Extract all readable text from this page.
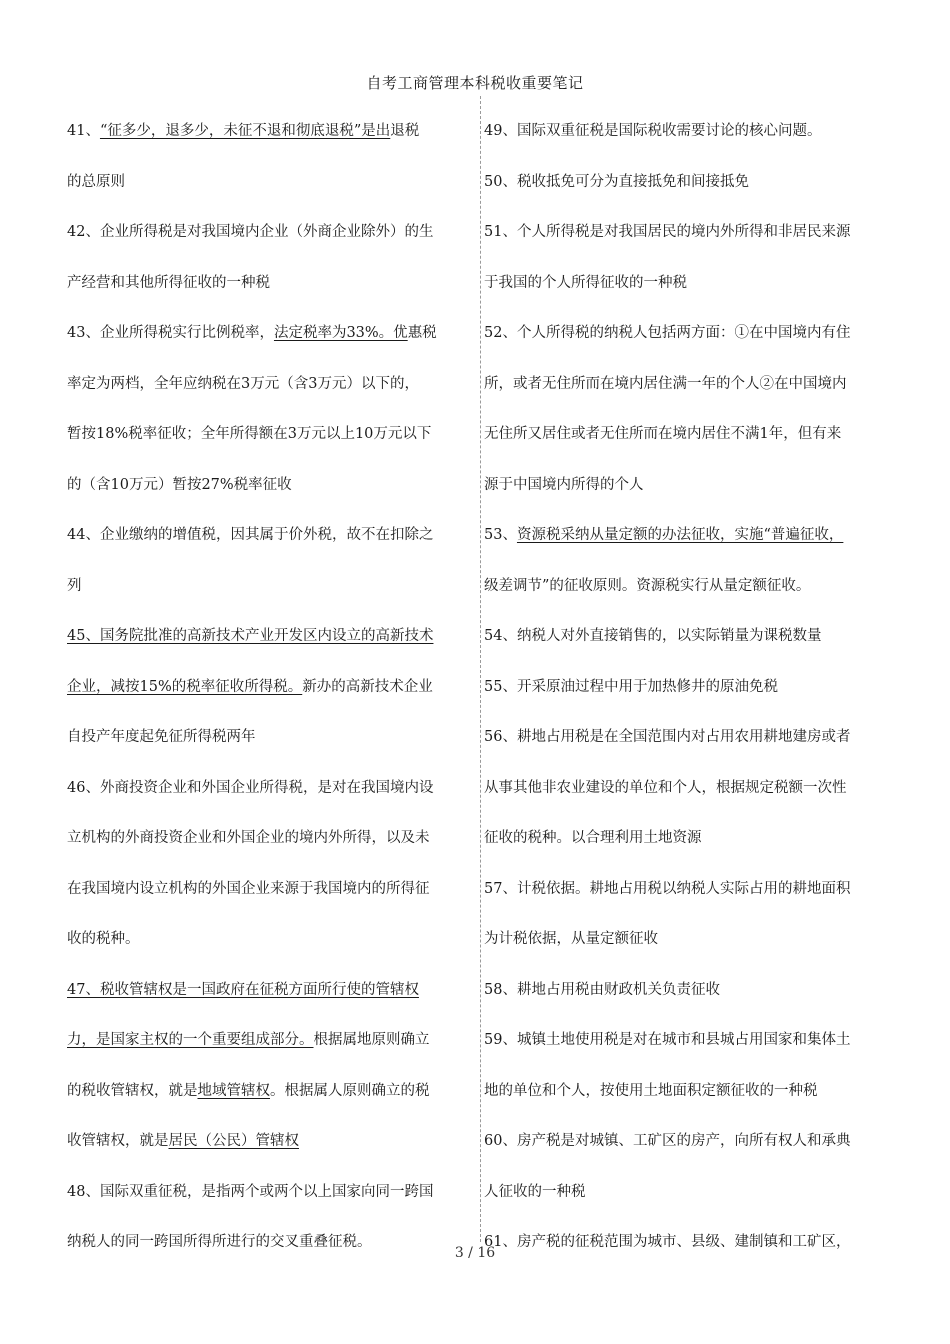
自考工商管理本科税收重要笔记
41、“征多少，退多少，未征不退和彻底退税”是出退税
的总原则
42、企业所得税是对我国境内企业（外商企业除外）的生
产经营和其他所得征收的一种税
43、企业所得税实行比例税率，法定税率为33%。优惠税
率定为两档，全年应纳税在3万元（含3万元）以下的，
暂按18%税率征收；全年所得额在3万元以上10万元以下
的（含10万元）暂按27%税率征收
44、企业缴纳的增值税，因其属于价外税，故不在扣除之
列
45、国务院批准的高新技术产业开发区内设立的高新技术
企业，减按15%的税率征收所得税。新办的高新技术企业
自投产年度起免征所得税两年
46、外商投资企业和外国企业所得税，是对在我国境内设
立机构的外商投资企业和外国企业的境内外所得，以及未
在我国境内设立机构的外国企业来源于我国境内的所得征
收的税种。
47、税收管辖权是一国政府在征税方面所行使的管辖权
力，是国家主权的一个重要组成部分。根据属地原则确立
的税收管辖权，就是地域管辖权。根据属人原则确立的税
收管辖权，就是居民（公民）管辖权
48、国际双重征税，是指两个或两个以上国家向同一跨国
纳税人的同一跨国所得所进行的交叉重叠征税。
49、国际双重征税是国际税收需要讨论的核心问题。
50、税收抵免可分为直接抵免和间接抵免
51、个人所得税是对我国居民的境内外所得和非居民来源
于我国的个人所得征收的一种税
52、个人所得税的纳税人包括两方面：①在中国境内有住
所，或者无住所而在境内居住满一年的个人②在中国境内
无住所又居住或者无住所而在境内居住不满1年，但有来
源于中国境内所得的个人
53、资源税采纳从量定额的办法征收，实施“普遍征收，
级差调节”的征收原则。资源税实行从量定额征收。
54、纳税人对外直接销售的，以实际销量为课税数量
55、开采原油过程中用于加热修井的原油免税
56、耕地占用税是在全国范围内对占用农用耕地建房或者
从事其他非农业建设的单位和个人，根据规定税额一次性
征收的税种。以合理利用土地资源
57、计税依据。耕地占用税以纳税人实际占用的耕地面积
为计税依据，从量定额征收
58、耕地占用税由财政机关负责征收
59、城镇土地使用税是对在城市和县城占用国家和集体土
地的单位和个人，按使用土地面积定额征收的一种税
60、房产税是对城镇、工矿区的房产，向所有权人和承典
人征收的一种税
61、房产税的征税范围为城市、县级、建制镇和工矿区，
3 / 16
